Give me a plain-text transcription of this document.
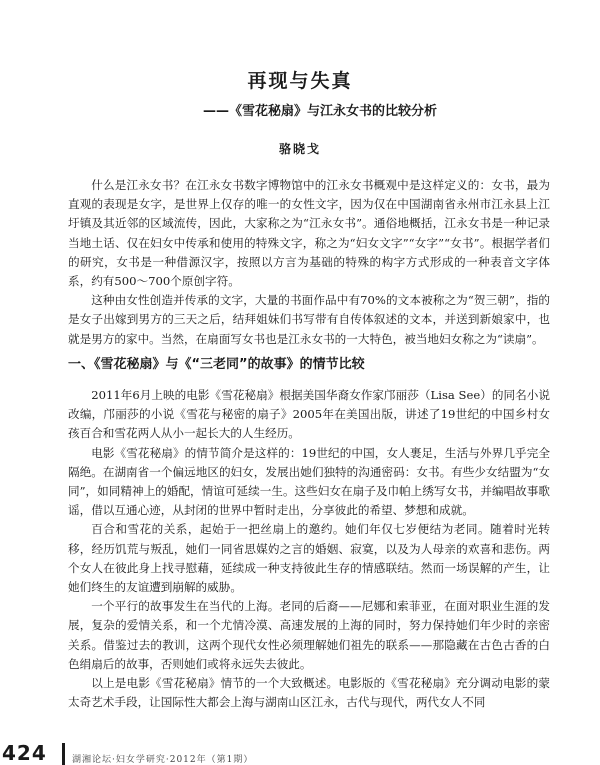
再现与失真
——《雪花秘扇》与江永女书的比较分析
骆晓戈

什么是江永女书？在江永女书数字博物馆中的江永女书概观中是这样定义的：女书，最为直观的表现是女字，是世界上仅存的唯一的女性文字，因为仅在中国湖南省永州市江永县上江圩镇及其近邻的区域流传，因此，大家称之为“江永女书”。通俗地概括，江永女书是一种记录当地土话、仅在妇女中传承和使用的特殊文字，称之为“妇女文字”“女字”“女书”。根据学者们的研究，女书是一种借源汉字，按照以方言为基础的特殊的构字方式形成的一种表音文字体系，约有500～700个原创字符。

这种由女性创造并传承的文字，大量的书面作品中有70%的文本被称之为“贺三朝”，指的是女子出嫁到男方的三天之后，结拜姐妹们书写带有自传体叙述的文本，并送到新娘家中，也就是男方的家中。当然，在扇面写女书也是江永女书的一大特色，被当地妇女称之为“读扇”。

一、《雪花秘扇》与《“三老同”的故事》的情节比较

2011年6月上映的电影《雪花秘扇》根据美国华裔女作家邝丽莎（Lisa See）的同名小说改编，邝丽莎的小说《雪花与秘密的扇子》2005年在美国出版，讲述了19世纪的中国乡村女孩百合和雪花两人从小一起长大的人生经历。

电影《雪花秘扇》的情节简介是这样的：19世纪的中国，女人裹足，生活与外界几乎完全隔绝。在湖南省一个偏远地区的妇女，发展出她们独特的沟通密码：女书。有些少女结盟为“女同”，如同精神上的婚配，情谊可延续一生。这些妇女在扇子及巾帕上绣写女书，并编唱故事歌谣，借以互通心迹，从封闭的世界中暂时走出，分享彼此的希望、梦想和成就。

百合和雪花的关系，起始于一把丝扇上的邀约。她们年仅七岁便结为老同。随着时光转移，经历饥荒与叛乱，她们一同省思媒妁之言的婚姻、寂寞，以及为人母亲的欢喜和悲伤。两个女人在彼此身上找寻慰藉，延续成一种支持彼此生存的情感联结。然而一场误解的产生，让她们终生的友谊遭到崩解的威胁。

一个平行的故事发生在当代的上海。老同的后裔——尼娜和索菲亚，在面对职业生涯的发展，复杂的爱情关系，和一个尤情冷漠、高速发展的上海的同时，努力保持她们年少时的亲密关系。借鉴过去的教训，这两个现代女性必须理解她们祖先的联系——那隐藏在古色古香的白色绢扇后的故事，否则她们或将永远失去彼此。

以上是电影《雪花秘扇》情节的一个大致概述。电影版的《雪花秘扇》充分调动电影的蒙太奇艺术手段，让国际性大都会上海与湖南山区江永，古代与现代，两代女人不同

424	湖湘论坛·妇女学研究·2012年（第1期）
